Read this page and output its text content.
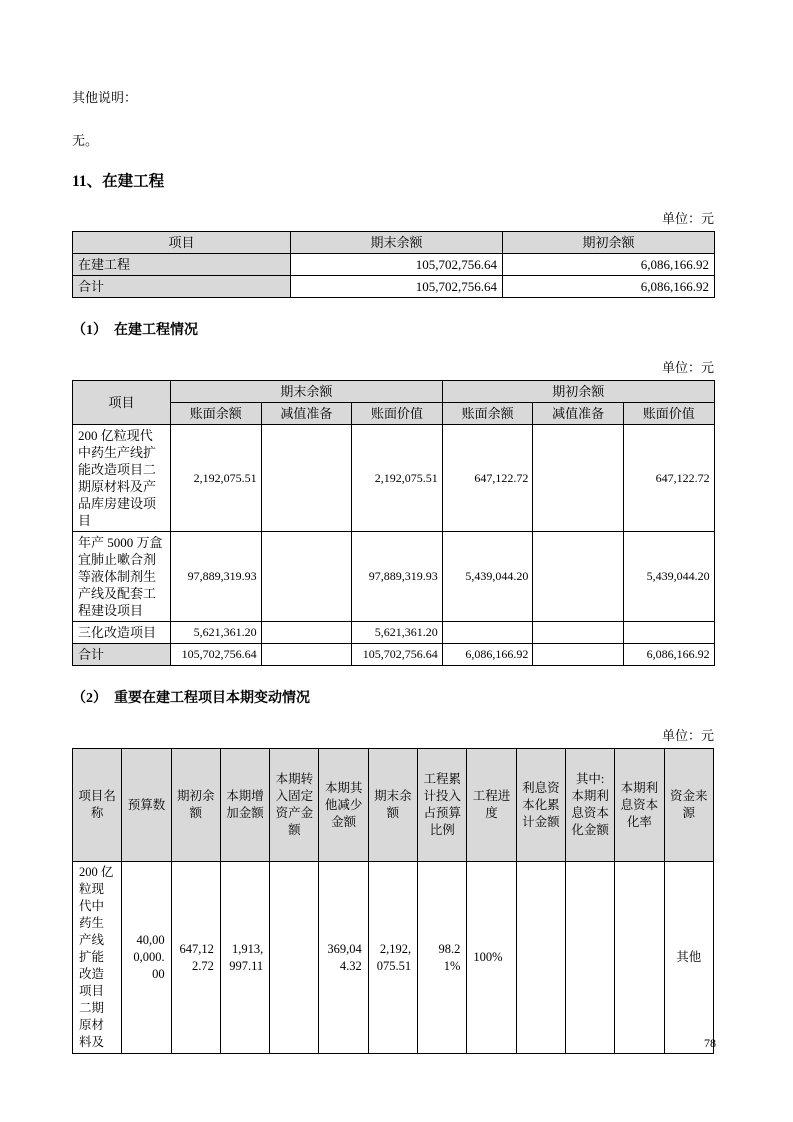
其他说明：

无。

11、在建工程
单位：元
项目	期末余额	期初余额
在建工程	105,702,756.64	6,086,166.92
合计	105,702,756.64	6,086,166.92
（1）  在建工程情况
单位：元
项目	期末余额			期初余额		
	账面余额	减值准备	账面价值	账面余额	减值准备	账面价值
200 亿粒现代中药生产线扩能改造项目二期原材料及产品库房建设项目	2,192,075.51		2,192,075.51	647,122.72		647,122.72
年产 5000 万盒宜肺止嗽合剂等液体制剂生产线及配套工程建设项目	97,889,319.93		97,889,319.93	5,439,044.20		5,439,044.20
三化改造项目	5,621,361.20		5,621,361.20			
合计	105,702,756.64		105,702,756.64	6,086,166.92		6,086,166.92
（2）  重要在建工程项目本期变动情况
单位：元
项目名称	预算数	期初余额	本期增加金额	本期转入固定资产金额	本期其他减少金额	期末余额	工程累计投入占预算比例	工程进度	利息资本化累计金额	其中:本期利息资本化金额	本期利息资本化率	资金来源
200 亿粒现代中药生产线扩能改造项目二期原材料及	40,000,000.00	647,122.72	1,913,997.11		369,044.32	2,192,075.51	98.21%	100%				其他
78
